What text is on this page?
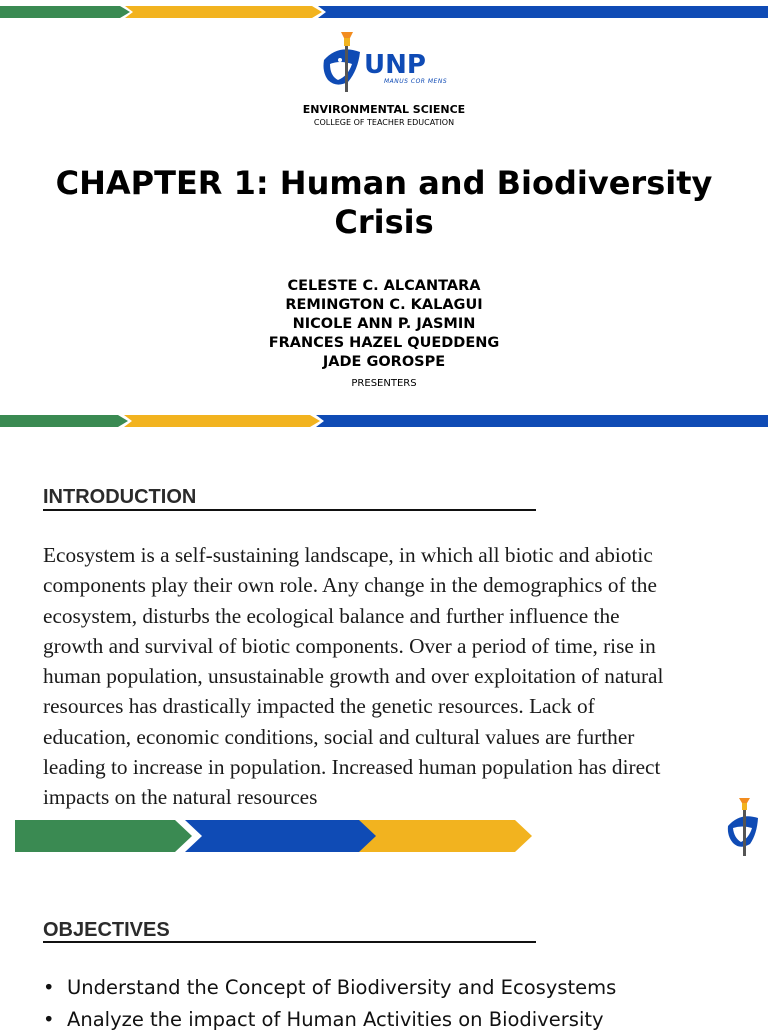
UNP
MANUS COR MENS
ENVIRONMENTAL SCIENCE
COLLEGE OF TEACHER EDUCATION
CHAPTER 1: Human and Biodiversity
Crisis
CELESTE C. ALCANTARA
REMINGTON C. KALAGUI
NICOLE ANN P. JASMIN
FRANCES HAZEL QUEDDENG
JADE GOROSPE
PRESENTERS
INTRODUCTION
Ecosystem is a self-sustaining landscape, in which all biotic and abiotic
components play their own role. Any change in the demographics of the
ecosystem, disturbs the ecological balance and further influence the
growth and survival of biotic components. Over a period of time, rise in
human population, unsustainable growth and over exploitation of natural
resources has drastically impacted the genetic resources. Lack of
education, economic conditions, social and cultural values are further
leading to increase in population. Increased human population has direct
impacts on the natural resources
OBJECTIVES
• Understand the Concept of Biodiversity and Ecosystems
• Analyze the impact of Human Activities on Biodiversity
